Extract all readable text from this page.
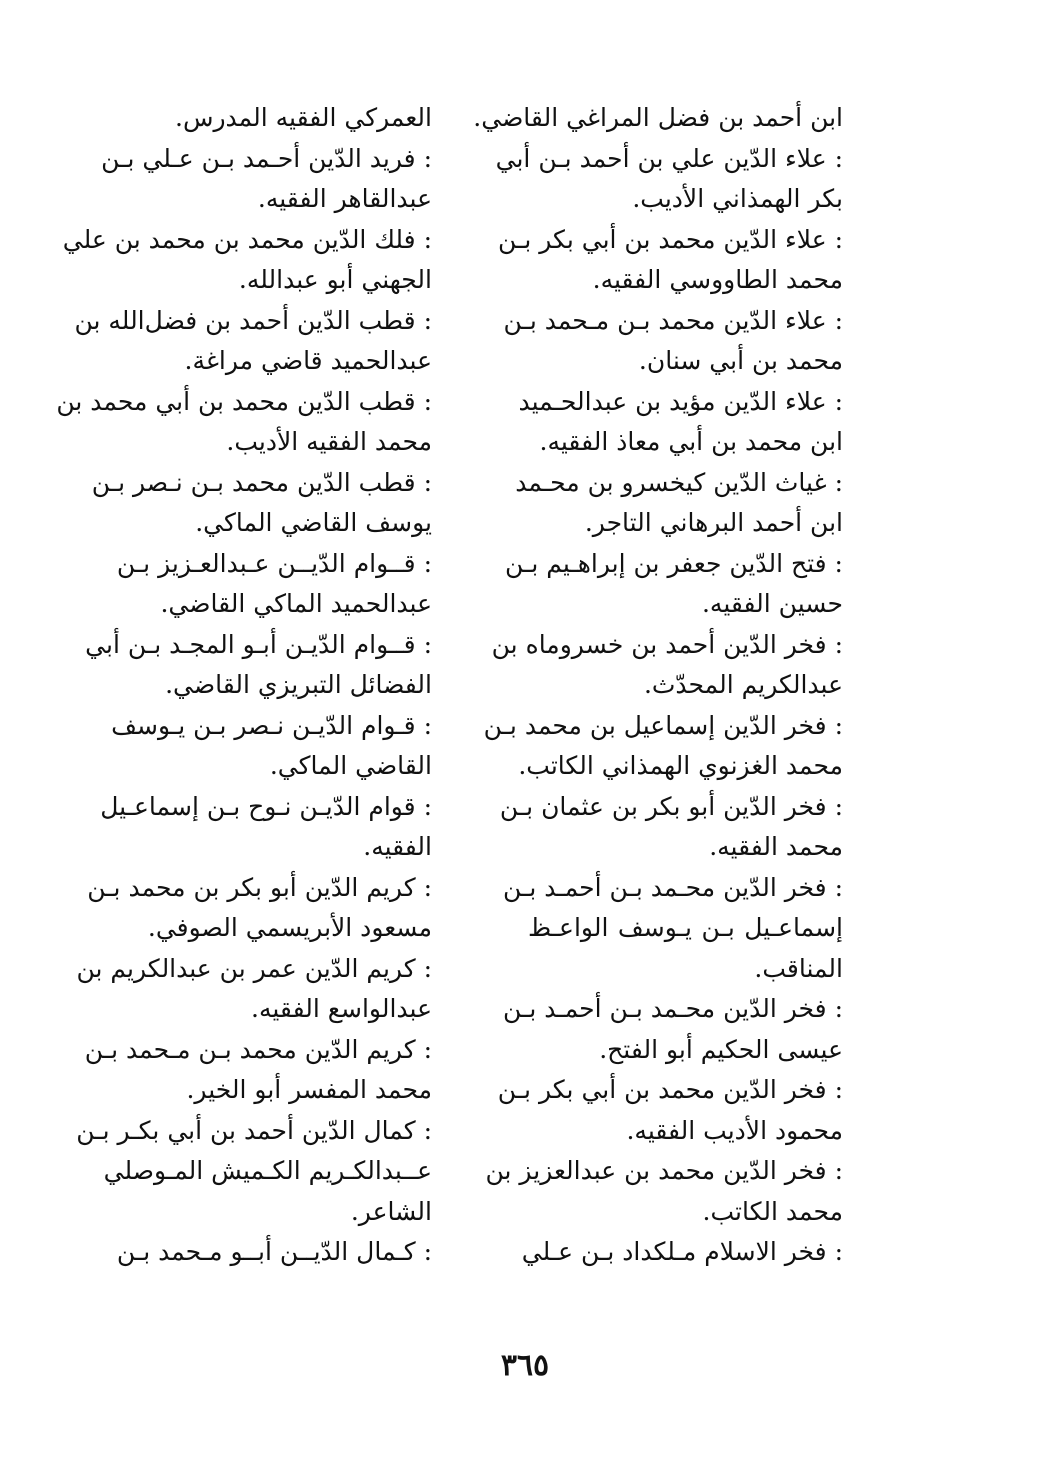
ابن أحمد بن فضل المراغي القاضي.
: علاء الدّين علي بن أحمد بـن أبي
بكر الهمذاني الأديب.
: علاء الدّين محمد بن أبي بكر بـن
محمد الطاووسي الفقيه.
: علاء الدّين محمد بـن مـحمد بـن
محمد بن أبي سنان.
: علاء الدّين مؤيد بن عبدالحـميد
ابن محمد بن أبي معاذ الفقيه.
: غياث الدّين كيخسرو بن محـمد
ابن أحمد البرهاني التاجر.
: فتح الدّين جعفر بن إبراهـيم بـن
حسين الفقيه.
: فخر الدّين أحمد بن خسروماه بن
عبدالكريم المحدّث.
: فخر الدّين إسماعيل بن محمد بـن
محمد الغزنوي الهمذاني الكاتب.
: فخر الدّين أبو بكر بن عثمان بـن
محمد الفقيه.
: فخر الدّين محـمد بـن أحمـد بـن
إسماعـيل بـن يـوسف الواعـظ
المناقب.
: فخر الدّين محـمد بـن أحمـد بـن
عيسى الحكيم أبو الفتح.
: فخر الدّين محمد بن أبي بكر بـن
محمود الأديب الفقيه.
: فخر الدّين محمد بن عبدالعزيز بن
محمد الكاتب.
: فخر الاسلام مـلكداد بـن عـلي
العمركي الفقيه المدرس.
: فريد الدّين أحـمد بـن عـلي بـن
عبدالقاهر الفقيه.
: فلك الدّين محمد بن محمد بن علي
الجهني أبو عبدالله.
: قطب الدّين أحمد بن فضل‌الله بن
عبدالحميد قاضي مراغة.
: قطب الدّين محمد بن أبي محمد بن
محمد الفقيه الأديب.
: قطب الدّين محمد بـن نـصر بـن
يوسف القاضي الماكي.
: قــوام الدّيــن عـبدالعـزيز بـن
عبدالحميد الماكي القاضي.
: قــوام الدّيـن أبـو المجـد بـن أبي
الفضائل التبريزي القاضي.
: قـوام الدّيـن نـصر بـن يـوسف
القاضي الماكي.
: قوام الدّيـن نـوح بـن إسماعـيل
الفقيه.
: كريم الدّين أبو بكر بن محمد بـن
مسعود الأبريسمي الصوفي.
: كريم الدّين عمر بن عبدالكريم بن
عبدالواسع الفقيه.
: كريم الدّين محمد بـن مـحمد بـن
محمد المفسر أبو الخير.
: كمال الدّين أحمد بن أبي بكـر بـن
عــبدالكـريم الكـميش المـوصلي
الشاعر.
: كـمال الدّيــن أبــو مـحمد بـن
٣٦٥
